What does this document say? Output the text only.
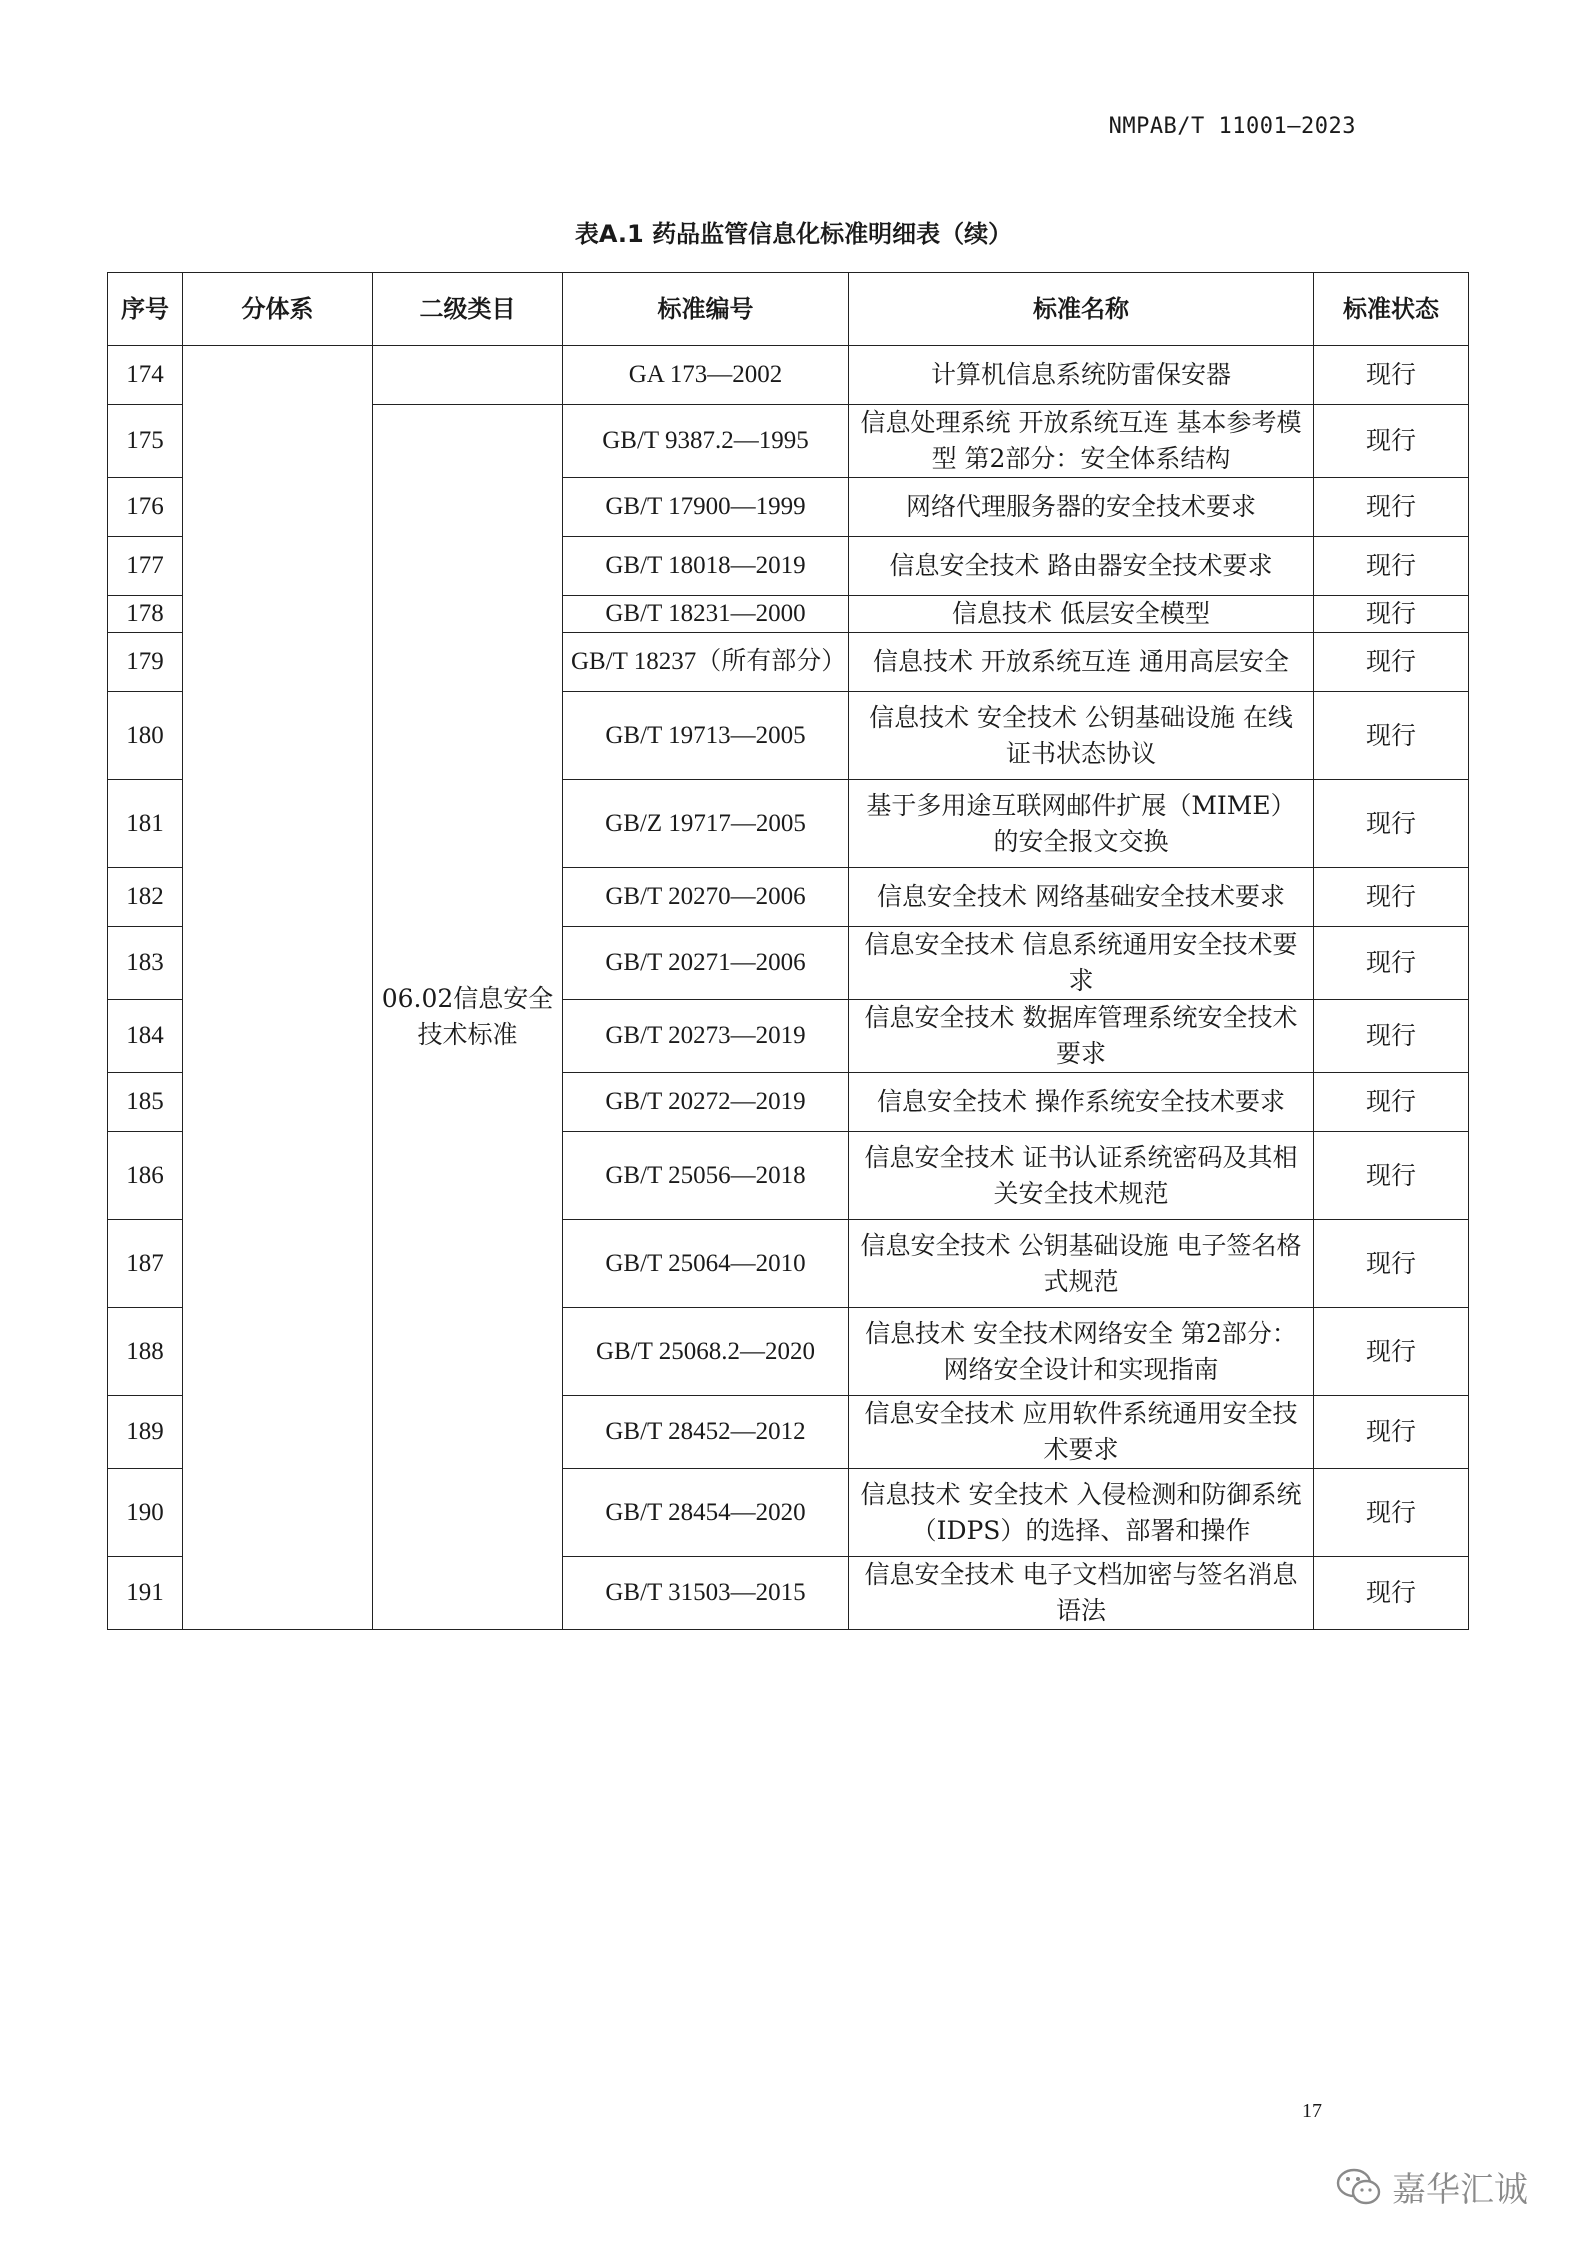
NMPAB/T 11001—2023
表A.1 药品监管信息化标准明细表（续）
序号	分体系	二级类目	标准编号	标准名称	标准状态
174			GA 173—2002	计算机信息系统防雷保安器	现行
175		06.02信息安全技术标准	GB/T 9387.2—1995	信息处理系统 开放系统互连 基本参考模型 第2部分：安全体系结构	现行
176			GB/T 17900—1999	网络代理服务器的安全技术要求	现行
177			GB/T 18018—2019	信息安全技术 路由器安全技术要求	现行
178			GB/T 18231—2000	信息技术 低层安全模型	现行
179			GB/T 18237（所有部分）	信息技术 开放系统互连 通用高层安全	现行
180			GB/T 19713—2005	信息技术 安全技术 公钥基础设施 在线证书状态协议	现行
181			GB/Z 19717—2005	基于多用途互联网邮件扩展（MIME）的安全报文交换	现行
182			GB/T 20270—2006	信息安全技术 网络基础安全技术要求	现行
183			GB/T 20271—2006	信息安全技术 信息系统通用安全技术要求	现行
184			GB/T 20273—2019	信息安全技术 数据库管理系统安全技术要求	现行
185			GB/T 20272—2019	信息安全技术 操作系统安全技术要求	现行
186			GB/T 25056—2018	信息安全技术 证书认证系统密码及其相关安全技术规范	现行
187			GB/T 25064—2010	信息安全技术 公钥基础设施 电子签名格式规范	现行
188			GB/T 25068.2—2020	信息技术 安全技术网络安全 第2部分：网络安全设计和实现指南	现行
189			GB/T 28452—2012	信息安全技术 应用软件系统通用安全技术要求	现行
190			GB/T 28454—2020	信息技术 安全技术 入侵检测和防御系统（IDPS）的选择、部署和操作	现行
191			GB/T 31503—2015	信息安全技术 电子文档加密与签名消息语法	现行
17
嘉华汇诚
